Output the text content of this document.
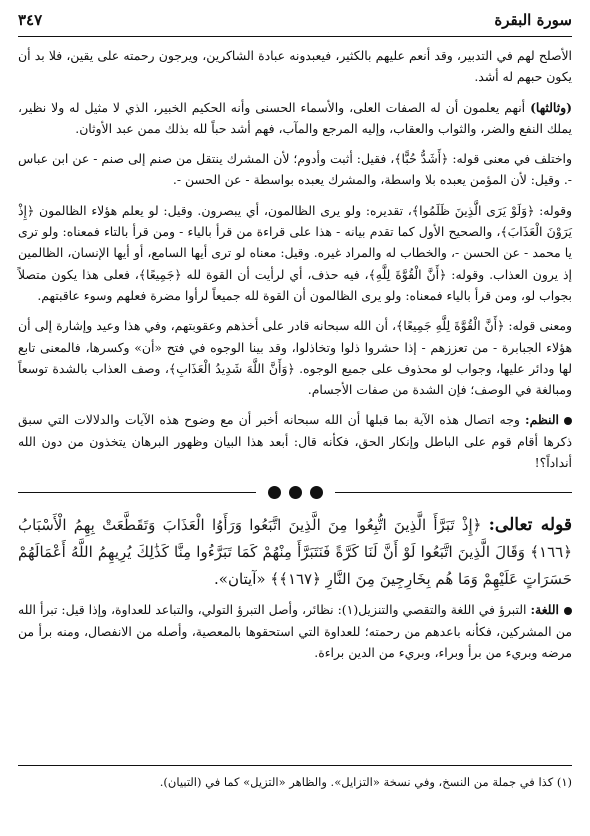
سورة البقرة
٣٤٧

الأصلح لهم في التدبير، وقد أنعم عليهم بالكثير، فيعبدونه عبادة الشاكرين، ويرجون رحمته على يقين، فلا بد أن يكون حبهم له أشد.

(وثالثها) أنهم يعلمون أن له الصفات العلى، والأسماء الحسنى وأنه الحكيم الخبير، الذي لا مثيل له ولا نظير، يملك النفع والضر، والثواب والعقاب، وإليه المرجع والمآب، فهم أشد حباً لله بذلك ممن عبد الأوثان.

واختلف في معنى قوله: ﴿أَشَدُّ حُبًّا﴾، فقيل: أثبت وأدوم؛ لأن المشرك ينتقل من صنم إلى صنم - عن ابن عباس -. وقيل: لأن المؤمن يعبده بلا واسطة، والمشرك يعبده بواسطة - عن الحسن -.

وقوله: ﴿وَلَوْ يَرَى الَّذِينَ ظَلَمُوا﴾، تقديره: ولو يرى الظالمون، أي يبصرون. وقيل: لو يعلم هؤلاء الظالمون ﴿إِذْ يَرَوْنَ الْعَذَابَ﴾، والصحيح الأول كما تقدم بيانه - هذا على قراءة من قرأ بالياء - ومن قرأ بالتاء فمعناه: ولو ترى يا محمد - عن الحسن -، والخطاب له والمراد غيره. وقيل: معناه لو ترى أيها السامع، أو أيها الإنسان، الظالمين إذ يرون العذاب. وقوله: ﴿أَنَّ الْقُوَّةَ لِلَّهِ﴾، فيه حذف، أي لرأيت أن القوة لله ﴿جَمِيعًا﴾، فعلى هذا يكون متصلاً بجواب لو، ومن قرأ بالياء فمعناه: ولو يرى الظالمون أن القوة لله جميعاً لرأوا مضرة فعلهم وسوء عاقبتهم.

ومعنى قوله: ﴿أَنَّ الْقُوَّةَ لِلَّهِ جَمِيعًا﴾، أن الله سبحانه قادر على أخذهم وعقوبتهم، وفي هذا وعيد وإشارة إلى أن هؤلاء الجبابرة - من تعززهم - إذا حشروا ذلوا وتخاذلوا، وقد بينا الوجوه في فتح «أن» وكسرها، فالمعنى تابع لها ودائر عليها، وجواب لو محذوف على جميع الوجوه. ﴿وَأَنَّ اللَّهَ شَدِيدُ الْعَذَابِ﴾، وصف العذاب بالشدة توسعاً ومبالغة في الوصف؛ فإن الشدة من صفات الأجسام.

النظم: وجه اتصال هذه الآية بما قبلها أن الله سبحانه أخبر أن مع وضوح هذه الآيات والدلالات التي سبق ذكرها أقام قوم على الباطل وإنكار الحق، فكأنه قال: أبعد هذا البيان وظهور البرهان يتخذون من دون الله أنداداً؟!

قوله تعالى: ﴿إِذْ تَبَرَّأَ الَّذِينَ اتُّبِعُوا مِنَ الَّذِينَ اتَّبَعُوا وَرَأَوُا الْعَذَابَ وَتَقَطَّعَتْ بِهِمُ الْأَسْبَابُ ﴿١٦٦﴾ وَقَالَ الَّذِينَ اتَّبَعُوا لَوْ أَنَّ لَنَا كَرَّةً فَنَتَبَرَّأَ مِنْهُمْ كَمَا تَبَرَّءُوا مِنَّا كَذَٰلِكَ يُرِيهِمُ اللَّهُ أَعْمَالَهُمْ حَسَرَاتٍ عَلَيْهِمْ وَمَا هُم بِخَارِجِينَ مِنَ النَّارِ ﴿١٦٧﴾﴾ «آيتان».

اللغة: التبرؤ في اللغة والتقصي والتنزيل(١): نظائر، وأصل التبرؤ التولي، والتباعد للعداوة، وإذا قيل: تبرأ الله من المشركين، فكأنه باعدهم من رحمته؛ للعداوة التي استحقوها بالمعصية، وأصله من الانفصال، ومنه برأ من مرضه وبريء من برأ وبراء، وبريء من الدين براءة.

(١) كذا في جملة من النسخ، وفي نسخة «التزايل». والظاهر «التزيل» كما في (التبيان).
